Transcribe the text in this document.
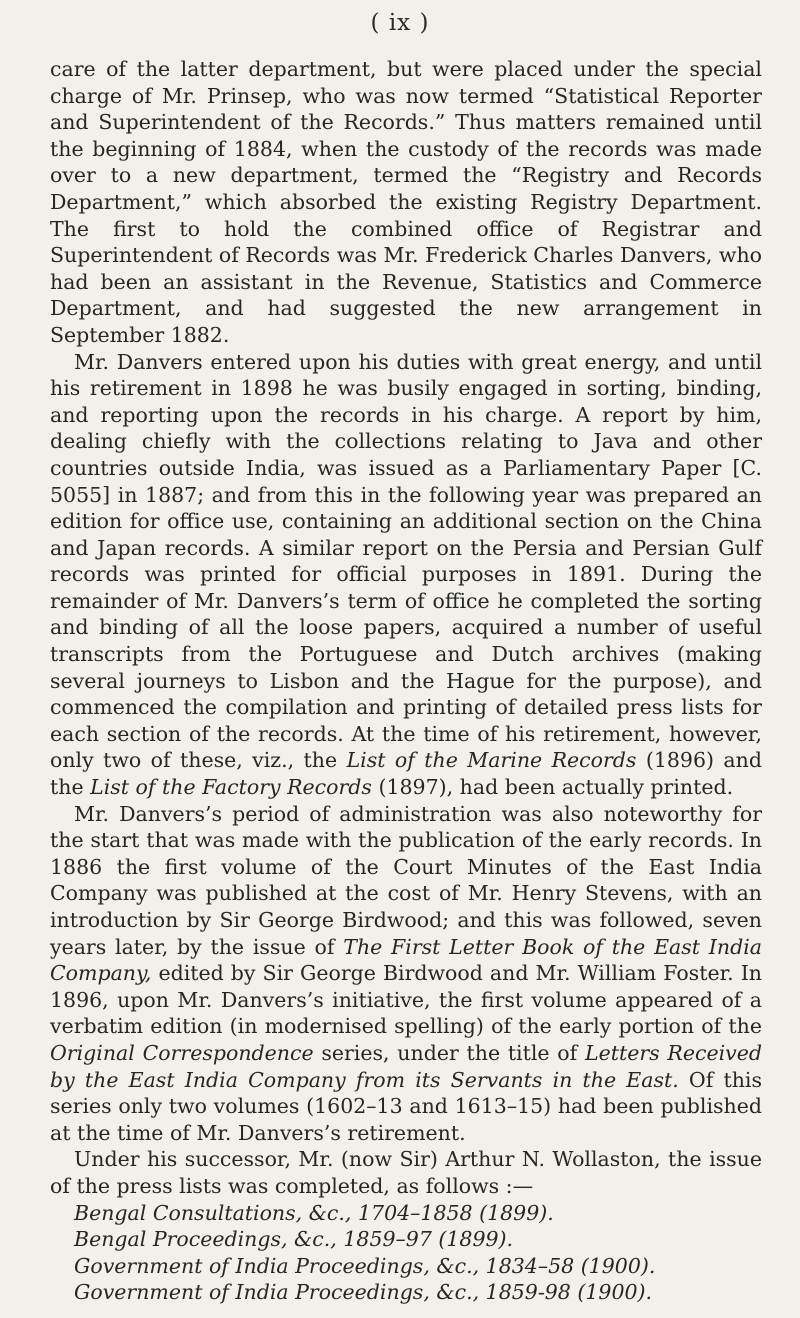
( ix )

care of the latter department, but were placed under the special charge of Mr. Prinsep, who was now termed “Statistical Reporter and Superintendent of the Records.” Thus matters remained until the beginning of 1884, when the custody of the records was made over to a new department, termed the “Registry and Records Department,” which absorbed the existing Registry Department. The first to hold the combined office of Registrar and Superintendent of Records was Mr. Frederick Charles Danvers, who had been an assistant in the Revenue, Statistics and Commerce Department, and had suggested the new arrangement in September 1882.

Mr. Danvers entered upon his duties with great energy, and until his retirement in 1898 he was busily engaged in sorting, binding, and reporting upon the records in his charge. A report by him, dealing chiefly with the collections relating to Java and other countries outside India, was issued as a Parliamentary Paper [C. 5055] in 1887; and from this in the following year was prepared an edition for office use, containing an additional section on the China and Japan records. A similar report on the Persia and Persian Gulf records was printed for official purposes in 1891. During the remainder of Mr. Danvers’s term of office he completed the sorting and binding of all the loose papers, acquired a number of useful transcripts from the Portuguese and Dutch archives (making several journeys to Lisbon and the Hague for the purpose), and commenced the compilation and printing of detailed press lists for each section of the records. At the time of his retirement, however, only two of these, viz., the List of the Marine Records (1896) and the List of the Factory Records (1897), had been actually printed.

Mr. Danvers’s period of administration was also noteworthy for the start that was made with the publication of the early records. In 1886 the first volume of the Court Minutes of the East India Company was published at the cost of Mr. Henry Stevens, with an introduction by Sir George Birdwood; and this was followed, seven years later, by the issue of The First Letter Book of the East India Company, edited by Sir George Birdwood and Mr. William Foster. In 1896, upon Mr. Danvers’s initiative, the first volume appeared of a verbatim edition (in modernised spelling) of the early portion of the Original Correspondence series, under the title of Letters Received by the East India Company from its Servants in the East. Of this series only two volumes (1602–13 and 1613–15) had been published at the time of Mr. Danvers’s retirement.

Under his successor, Mr. (now Sir) Arthur N. Wollaston, the issue of the press lists was completed, as follows :—

Bengal Consultations, &c., 1704–1858 (1899).
Bengal Proceedings, &c., 1859–97 (1899).
Government of India Proceedings, &c., 1834–58 (1900).
Government of India Proceedings, &c., 1859-98 (1900).
